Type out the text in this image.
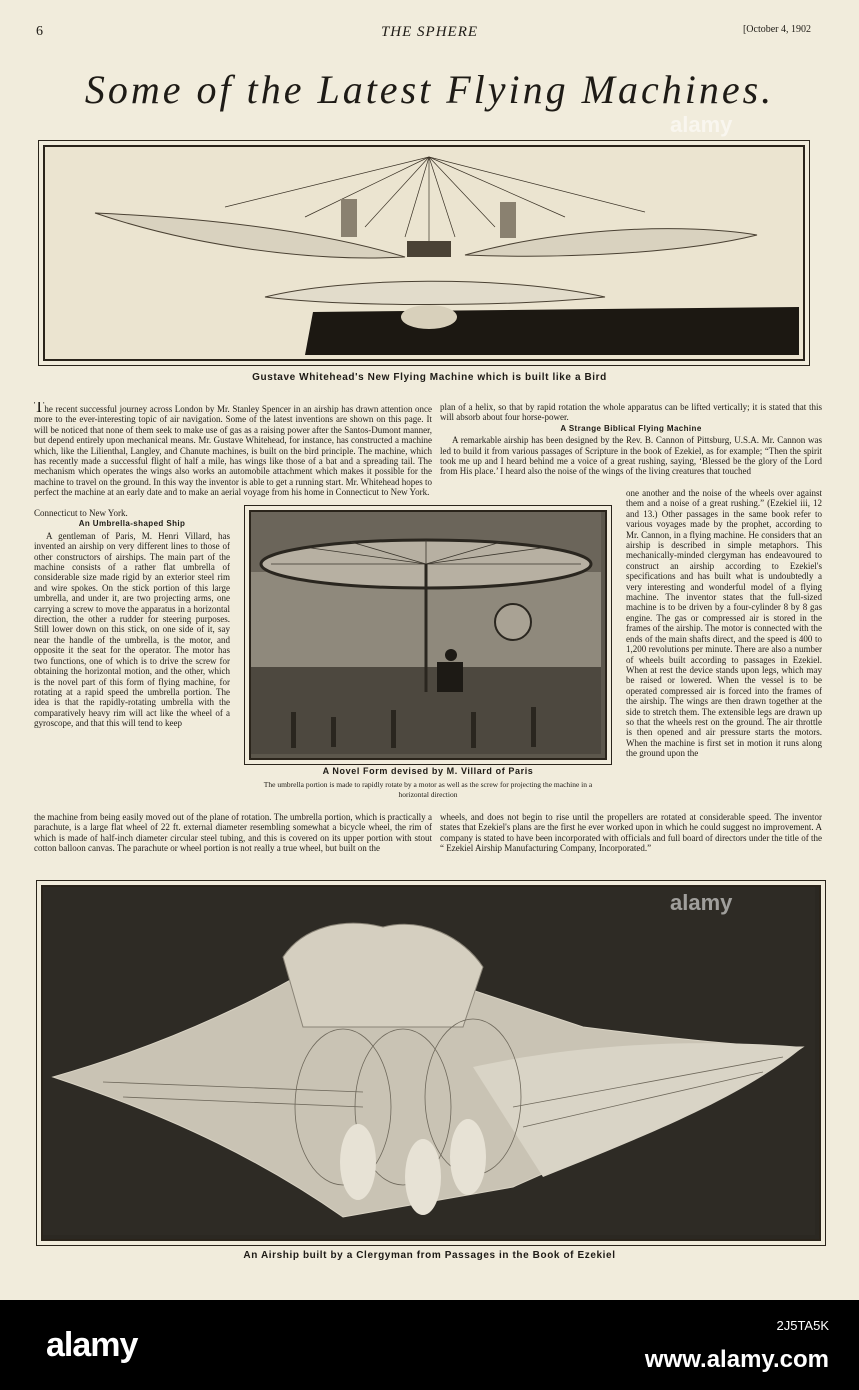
6	THE SPHERE	[October 4, 1902
Some of the Latest Flying Machines.
Gustave Whitehead's New Flying Machine which is built like a Bird

The recent successful journey across London by Mr. Stanley Spencer in an airship has drawn attention once more to the ever-interesting topic of air navigation. Some of the latest inventions are shown on this page. It will be noticed that none of them seek to make use of gas as a raising power after the Santos-Dumont manner, but depend entirely upon mechanical means. Mr. Gustave Whitehead, for instance, has constructed a machine which, like the Lilienthal, Langley, and Chanute machines, is built on the bird principle. The machine, which has recently made a successful flight of half a mile, has wings like those of a bat and a spreading tail. The mechanism which operates the wings also works an automobile attachment which makes it possible for the machine to travel on the ground. In this way the inventor is able to get a running start. Mr. Whitehead hopes to perfect the machine at an early date and to make an aerial voyage from his home in Connecticut to New York.

Connecticut to New York.
An Umbrella-shaped Ship

A gentleman of Paris, M. Henri Villard, has invented an airship on very different lines to those of other constructors of airships. The main part of the machine consists of a rather flat umbrella of considerable size made rigid by an exterior steel rim and wire spokes. On the stick portion of this large umbrella, and under it, are two projecting arms, one carrying a screw to move the apparatus in a horizontal direction, the other a rudder for steering purposes. Still lower down on this stick, on one side of it, say near the handle of the umbrella, is the motor, and opposite it the seat for the operator. The motor has two functions, one of which is to drive the screw for obtaining the horizontal motion, and the other, which is the novel part of this form of flying machine, for rotating at a rapid speed the umbrella portion. The idea is that the rapidly-rotating umbrella with the comparatively heavy rim will act like the wheel of a gyroscope, and that this will tend to keep

A Novel Form devised by M. Villard of Paris
The umbrella portion is made to rapidly rotate by a motor as well as the screw for projecting the machine in a horizontal direction

the machine from being easily moved out of the plane of rotation. The umbrella portion, which is practically a parachute, is a large flat wheel of 22 ft. external diameter resembling somewhat a bicycle wheel, the rim of which is made of half-inch diameter circular steel tubing, and this is covered on its upper portion with stout cotton balloon canvas. The parachute or wheel portion is not really a true wheel, but built on the

plan of a helix, so that by rapid rotation the whole apparatus can be lifted vertically; it is stated that this will absorb about four horse-power.

A Strange Biblical Flying Machine

A remarkable airship has been designed by the Rev. B. Cannon of Pittsburg, U.S.A. Mr. Cannon was led to build it from various passages of Scripture in the book of Ezekiel, as for example; “Then the spirit took me up and I heard behind me a voice of a great rushing, saying, ‘Blessed be the glory of the Lord from His place.’ I heard also the noise of the wings of the living creatures that touched

one another and the noise of the wheels over against them and a noise of a great rushing.” (Ezekiel iii, 12 and 13.) Other passages in the same book refer to various voyages made by the prophet, according to Mr. Cannon, in a flying machine. He considers that an airship is described in simple metaphors. This mechanically-minded clergyman has endeavoured to construct an airship according to Ezekiel's specifications and has built what is undoubtedly a very interesting and wonderful model of a flying machine. The inventor states that the full-sized machine is to be driven by a four-cylinder 8 by 8 gas engine. The gas or compressed air is stored in the frames of the airship. The motor is connected with the ends of the main shafts direct, and the speed is 400 to 1,200 revolutions per minute. There are also a number of wheels built according to passages in Ezekiel. When at rest the device stands upon legs, which may be raised or lowered. When the vessel is to be operated compressed air is forced into the frames of the airship. The wings are then drawn together at the side to stretch them. The extensible legs are drawn up so that the wheels rest on the ground. The air throttle is then opened and air pressure starts the motors. When the machine is first set in motion it runs along the ground upon the

wheels, and does not begin to rise until the propellers are rotated at considerable speed. The inventor states that Ezekiel's plans are the first he ever worked upon in which he could suggest no improvement. A company is stated to have been incorporated with officials and full board of directors under the title of the “ Ezekiel Airship Manufacturing Company, Incorporated.”

An Airship built by a Clergyman from Passages in the Book of Ezekiel
alamy
alamy
alamy
2J5TA5K
www.alamy.com
